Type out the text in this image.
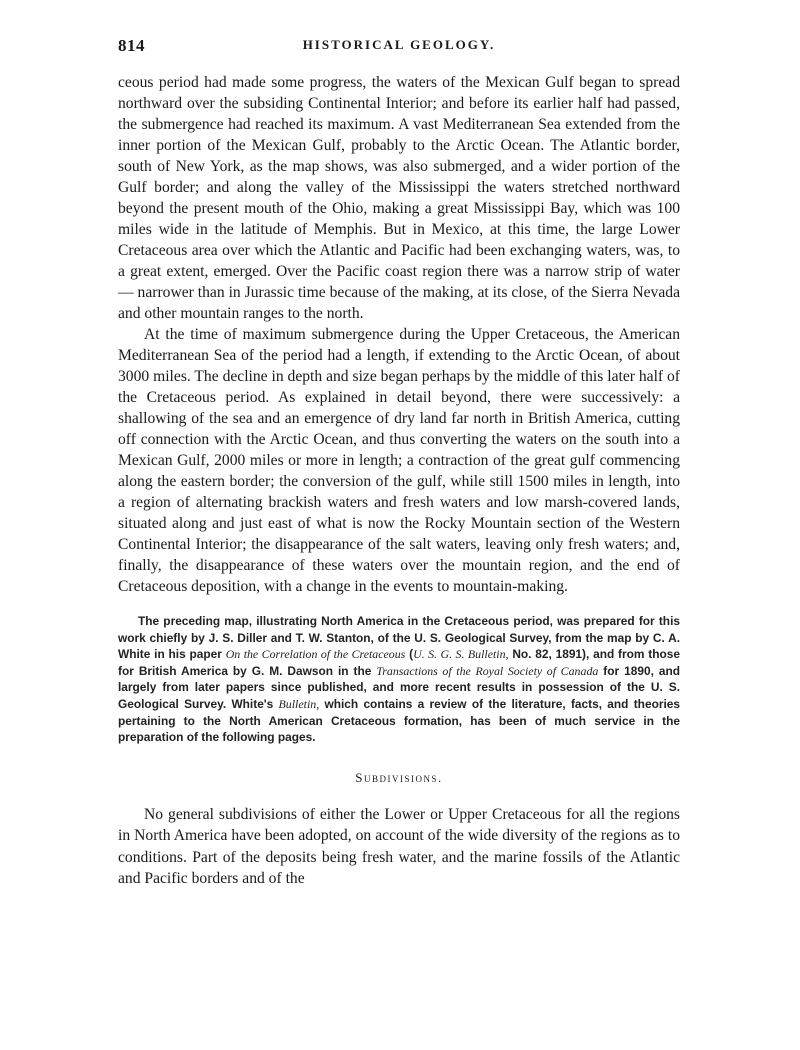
814	HISTORICAL GEOLOGY.

ceous period had made some progress, the waters of the Mexican Gulf began to spread northward over the subsiding Continental Interior; and before its earlier half had passed, the submergence had reached its maximum. A vast Mediterranean Sea extended from the inner portion of the Mexican Gulf, probably to the Arctic Ocean. The Atlantic border, south of New York, as the map shows, was also submerged, and a wider portion of the Gulf border; and along the valley of the Mississippi the waters stretched northward beyond the present mouth of the Ohio, making a great Mississippi Bay, which was 100 miles wide in the latitude of Memphis. But in Mexico, at this time, the large Lower Cretaceous area over which the Atlantic and Pacific had been exchanging waters, was, to a great extent, emerged. Over the Pacific coast region there was a narrow strip of water — narrower than in Jurassic time because of the making, at its close, of the Sierra Nevada and other mountain ranges to the north.

At the time of maximum submergence during the Upper Cretaceous, the American Mediterranean Sea of the period had a length, if extending to the Arctic Ocean, of about 3000 miles. The decline in depth and size began perhaps by the middle of this later half of the Cretaceous period. As explained in detail beyond, there were successively: a shallowing of the sea and an emergence of dry land far north in British America, cutting off connection with the Arctic Ocean, and thus converting the waters on the south into a Mexican Gulf, 2000 miles or more in length; a contraction of the great gulf commencing along the eastern border; the conversion of the gulf, while still 1500 miles in length, into a region of alternating brackish waters and fresh waters and low marsh-covered lands, situated along and just east of what is now the Rocky Mountain section of the Western Continental Interior; the disappearance of the salt waters, leaving only fresh waters; and, finally, the disappearance of these waters over the mountain region, and the end of Cretaceous deposition, with a change in the events to mountain-making.

The preceding map, illustrating North America in the Cretaceous period, was prepared for this work chiefly by J. S. Diller and T. W. Stanton, of the U. S. Geological Survey, from the map by C. A. White in his paper On the Correlation of the Cretaceous (U. S. G. S. Bulletin, No. 82, 1891), and from those for British America by G. M. Dawson in the Transactions of the Royal Society of Canada for 1890, and largely from later papers since published, and more recent results in possession of the U. S. Geological Survey. White's Bulletin, which contains a review of the literature, facts, and theories pertaining to the North American Cretaceous formation, has been of much service in the preparation of the following pages.
Subdivisions.
No general subdivisions of either the Lower or Upper Cretaceous for all the regions in North America have been adopted, on account of the wide diversity of the regions as to conditions. Part of the deposits being fresh water, and the marine fossils of the Atlantic and Pacific borders and of the
